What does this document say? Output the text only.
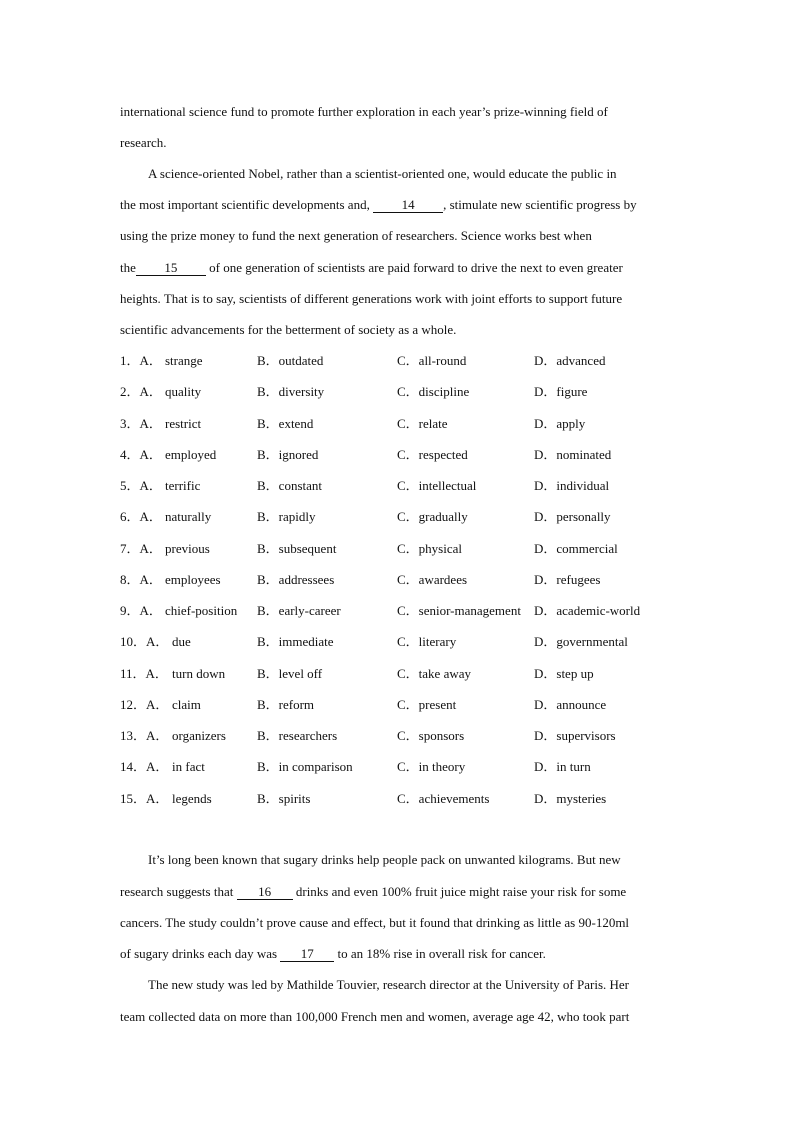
international science fund to promote further exploration in each year’s prize-winning field of
research.
A science-oriented Nobel, rather than a scientist-oriented one, would educate the public in
the most important scientific developments and, 14 , stimulate new scientific progress by
using the prize money to fund the next generation of researchers. Science works best when
the 15 of one generation of scientists are paid forward to drive the next to even greater
heights. That is to say, scientists of different generations work with joint efforts to support future
scientific advancements for the betterment of society as a whole.
1．A． strange	B．outdated	C．all-round	D．advanced
2．A． quality	B．diversity	C．discipline	D．figure
3．A． restrict	B．extend	C．relate	D．apply
4．A． employed	B．ignored	C．respected	D．nominated
5．A． terrific	B．constant	C．intellectual	D．individual
6．A． naturally	B．rapidly	C．gradually	D．personally
7．A． previous	B．subsequent	C．physical	D．commercial
8．A． employees	B．addressees	C．awardees	D．refugees
9．A． chief-position B．early-career	C．senior-management D．academic-world
10．A． due	B．immediate	C．literary	D．governmental
11．A． turn down B．level off	C．take away	D．step up
12．A． claim	B．reform	C．present	D．announce
13．A． organizers B．researchers	C．sponsors	D．supervisors
14．A． in fact	B．in comparison	C．in theory	D．in turn
15．A． legends	B．spirits	C．achievements	D．mysteries
It’s long been known that sugary drinks help people pack on unwanted kilograms. But new
research suggests that 16 drinks and even 100% fruit juice might raise your risk for some
cancers. The study couldn’t prove cause and effect, but it found that drinking as little as 90-120ml
of sugary drinks each day was 17 to an 18% rise in overall risk for cancer.
The new study was led by Mathilde Touvier, research director at the University of Paris. Her
team collected data on more than 100,000 French men and women, average age 42, who took part
